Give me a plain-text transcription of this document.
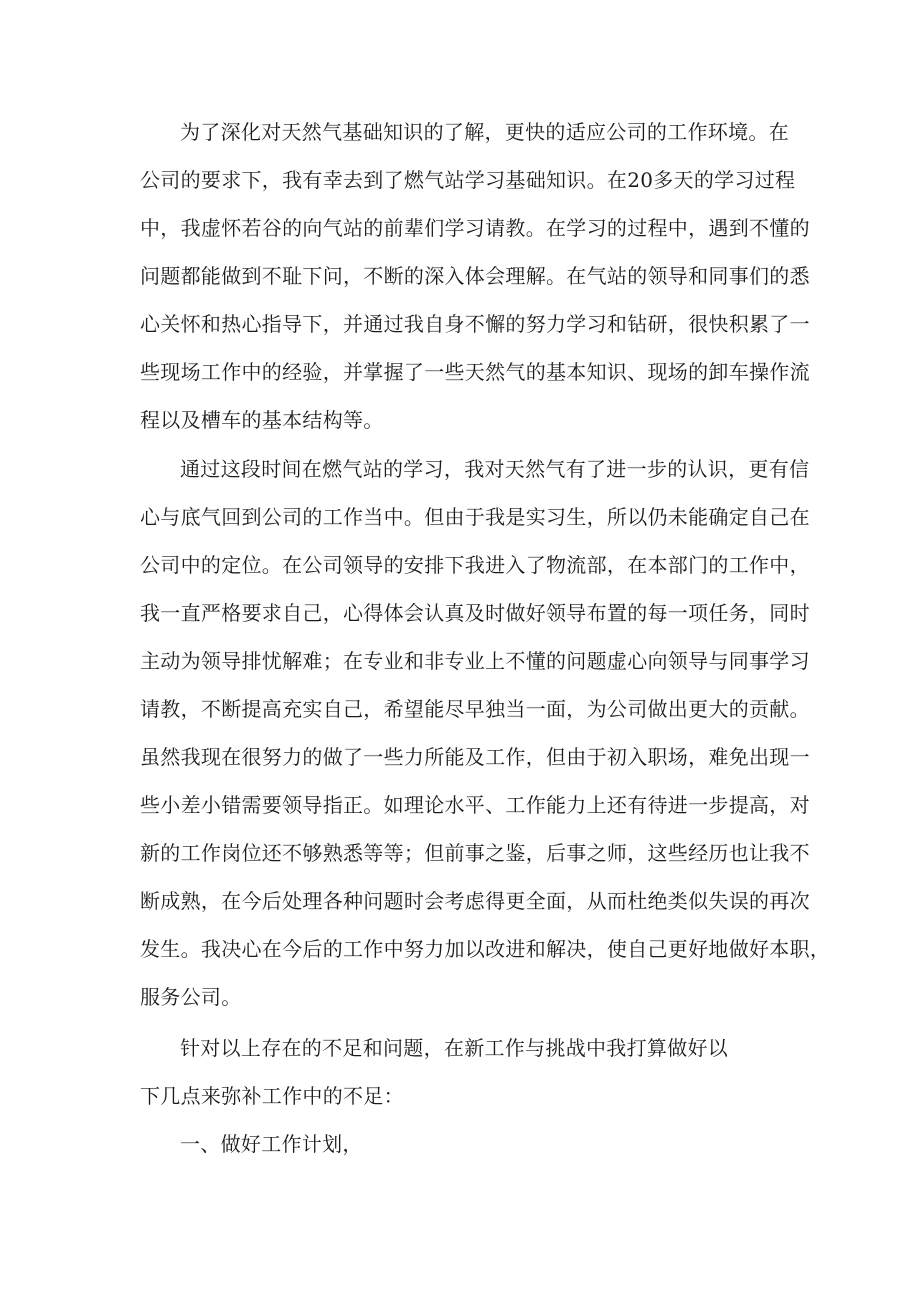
为了深化对天然气基础知识的了解，更快的适应公司的工作环境。在
公司的要求下，我有幸去到了燃气站学习基础知识。在20多天的学习过程
中，我虚怀若谷的向气站的前辈们学习请教。在学习的过程中，遇到不懂的
问题都能做到不耻下问，不断的深入体会理解。在气站的领导和同事们的悉
心关怀和热心指导下，并通过我自身不懈的努力学习和钻研，很快积累了一
些现场工作中的经验，并掌握了一些天然气的基本知识、现场的卸车操作流
程以及槽车的基本结构等。
通过这段时间在燃气站的学习，我对天然气有了进一步的认识，更有信
心与底气回到公司的工作当中。但由于我是实习生，所以仍未能确定自己在
公司中的定位。在公司领导的安排下我进入了物流部，在本部门的工作中，
我一直严格要求自己，心得体会认真及时做好领导布置的每一项任务，同时
主动为领导排忧解难；在专业和非专业上不懂的问题虚心向领导与同事学习
请教，不断提高充实自己，希望能尽早独当一面，为公司做出更大的贡献。
虽然我现在很努力的做了一些力所能及工作，但由于初入职场，难免出现一
些小差小错需要领导指正。如理论水平、工作能力上还有待进一步提高，对
新的工作岗位还不够熟悉等等；但前事之鉴，后事之师，这些经历也让我不
断成熟，在今后处理各种问题时会考虑得更全面，从而杜绝类似失误的再次
发生。我决心在今后的工作中努力加以改进和解决，使自己更好地做好本职，
服务公司。
针对以上存在的不足和问题，在新工作与挑战中我打算做好以
下几点来弥补工作中的不足：
一、做好工作计划，
